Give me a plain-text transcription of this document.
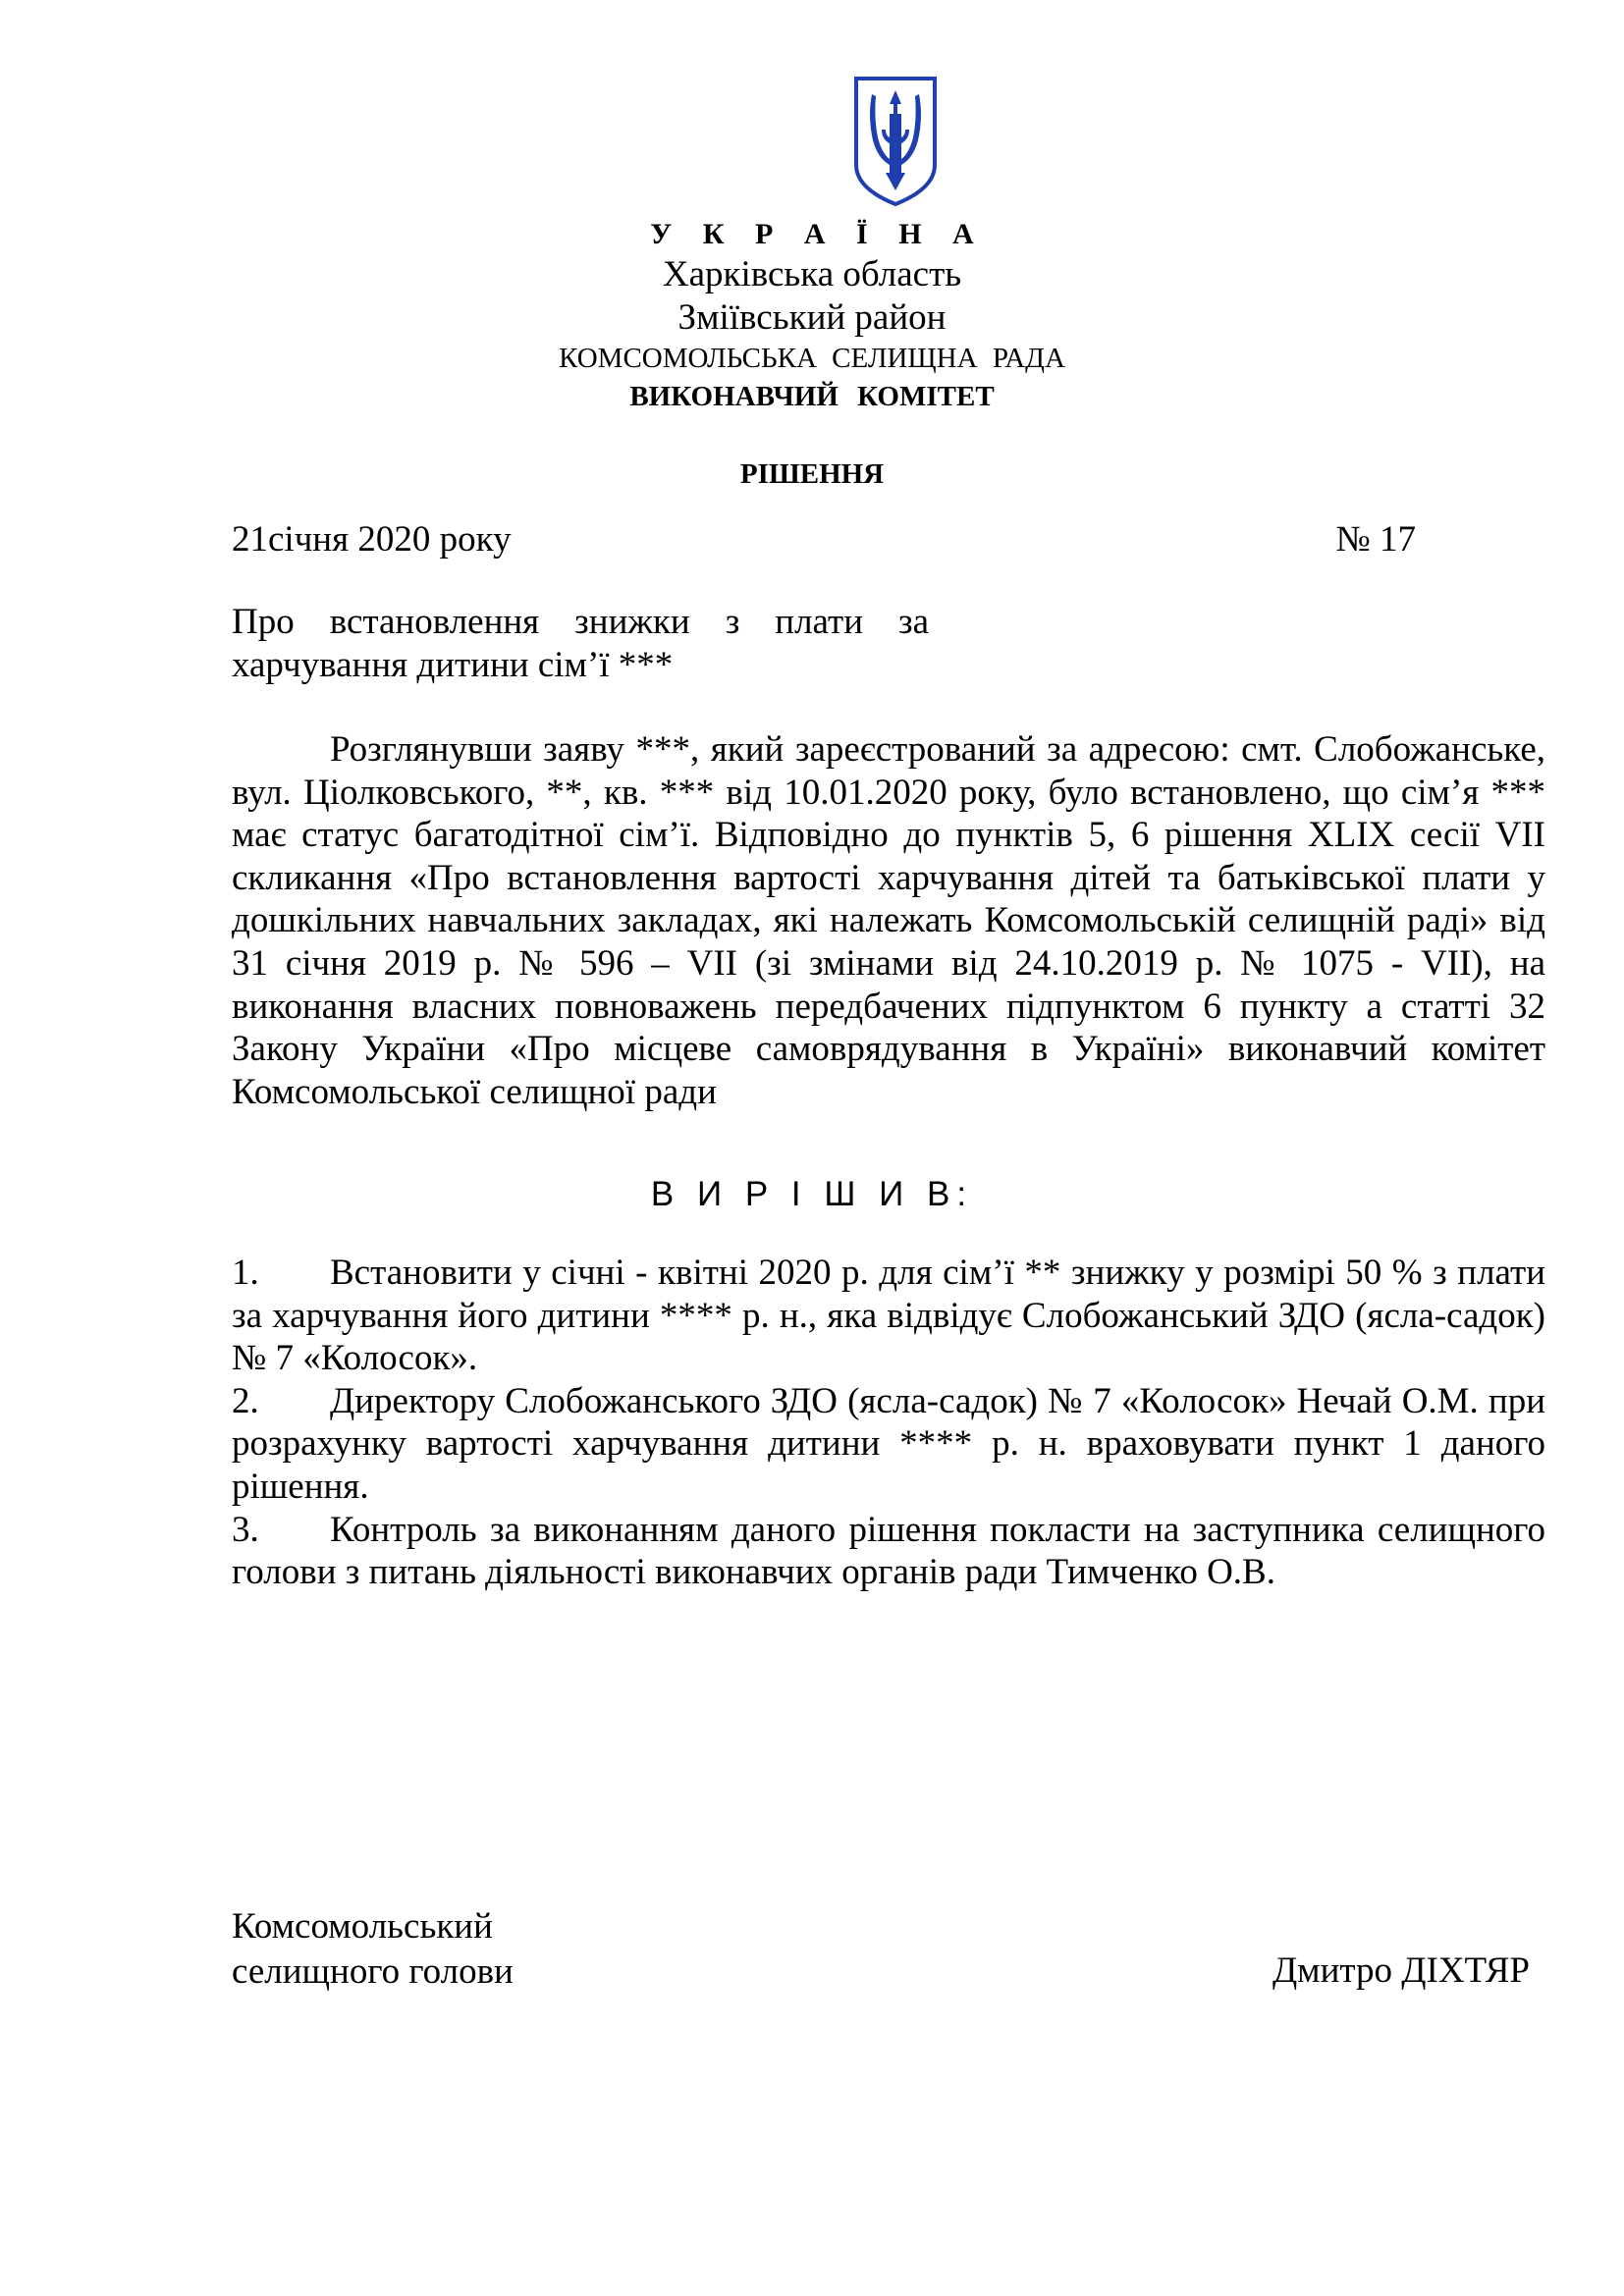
У К Р А Ї Н А
Харківська область
Зміївський район
КОМСОМОЛЬСЬКА СЕЛИЩНА РАДА
ВИКОНАВЧИЙ КОМІТЕТ
РІШЕННЯ
21січня 2020 року	№ 17
Про встановлення знижки з плати за
харчування дитини сім’ї ***

Розглянувши заяву ***, який зареєстрований за адресою: смт. Слобожанське, вул. Ціолковського, **, кв. *** від 10.01.2020 року, було встановлено, що сім’я *** має статус багатодітної сім’ї. Відповідно до пунктів 5, 6 рішення XLIX сесії VII скликання «Про встановлення вартості харчування дітей та батьківської плати у дошкільних навчальних закладах, які належать Комсомольській селищній раді» від 31 січня 2019 р. № 596 – VII (зі змінами від 24.10.2019 р. № 1075 - VII), на виконання власних повноважень передбачених підпунктом 6 пункту а статті 32 Закону України «Про місцеве самоврядування в Україні» виконавчий комітет Комсомольської селищної ради

В И Р І Ш И В:

1. Встановити у січні - квітні 2020 р. для сім’ї ** знижку у розмірі 50 % з плати за харчування його дитини **** р. н., яка відвідує Слобожанський ЗДО (ясла-садок) № 7 «Колосок».

2. Директору Слобожанського ЗДО (ясла-садок) № 7 «Колосок» Нечай О.М. при розрахунку вартості харчування дитини **** р. н. враховувати пункт 1 даного рішення.

3. Контроль за виконанням даного рішення покласти на заступника селищного голови з питань діяльності виконавчих органів ради Тимченко О.В.

Комсомольський
селищного голови	Дмитро ДІХТЯР
